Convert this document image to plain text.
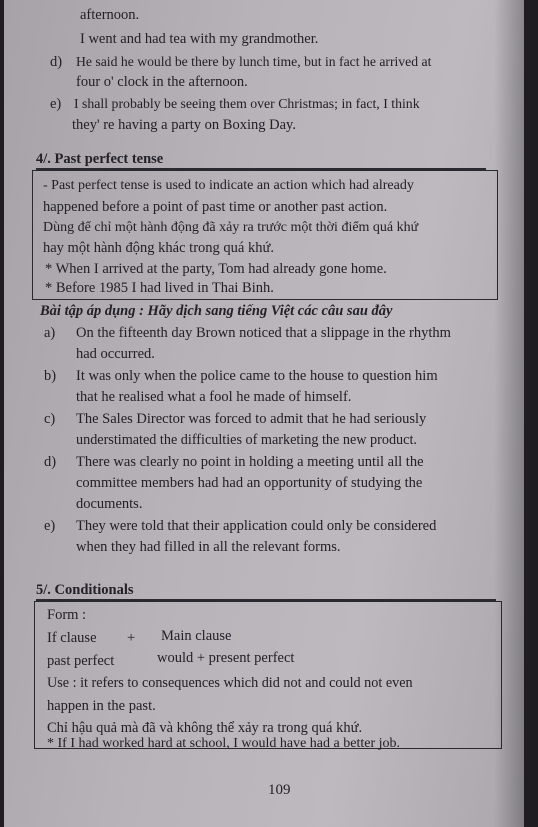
afternoon.
I went and had tea with my grandmother.
d) He said he would be there by lunch time, but in fact he arrived at
four o' clock in the afternoon.
e) I shall probably be seeing them over Christmas; in fact, I think
they' re having a party on Boxing Day.
4/. Past perfect tense
- Past perfect tense is used to indicate an action which had already
happened before a point of past time or another past action.
Dùng để chỉ một hành động đã xảy ra trước một thời điểm quá khứ
hay một hành động khác trong quá khứ.
* When I arrived at the party, Tom had already gone home.
* Before 1985 I had lived in Thai Binh.
Bài tập áp dụng : Hãy dịch sang tiếng Việt các câu sau đây
a) On the fifteenth day Brown noticed that a slippage in the rhythm
had occurred.
b) It was only when the police came to the house to question him
that he realised what a fool he made of himself.
c) The Sales Director was forced to admit that he had seriously
understimated the difficulties of marketing the new product.
d) There was clearly no point in holding a meeting until all the
committee members had had an opportunity of studying the
documents.
e) They were told that their application could only be considered
when they had filled in all the relevant forms.
5/. Conditionals
Form :
If clause + Main clause
past perfect	would + present perfect
Use : it refers to consequences which did not and could not even
happen in the past.
Chỉ hậu quả mà đã và không thể xảy ra trong quá khứ.
* If I had worked hard at school, I would have had a better job.
109
